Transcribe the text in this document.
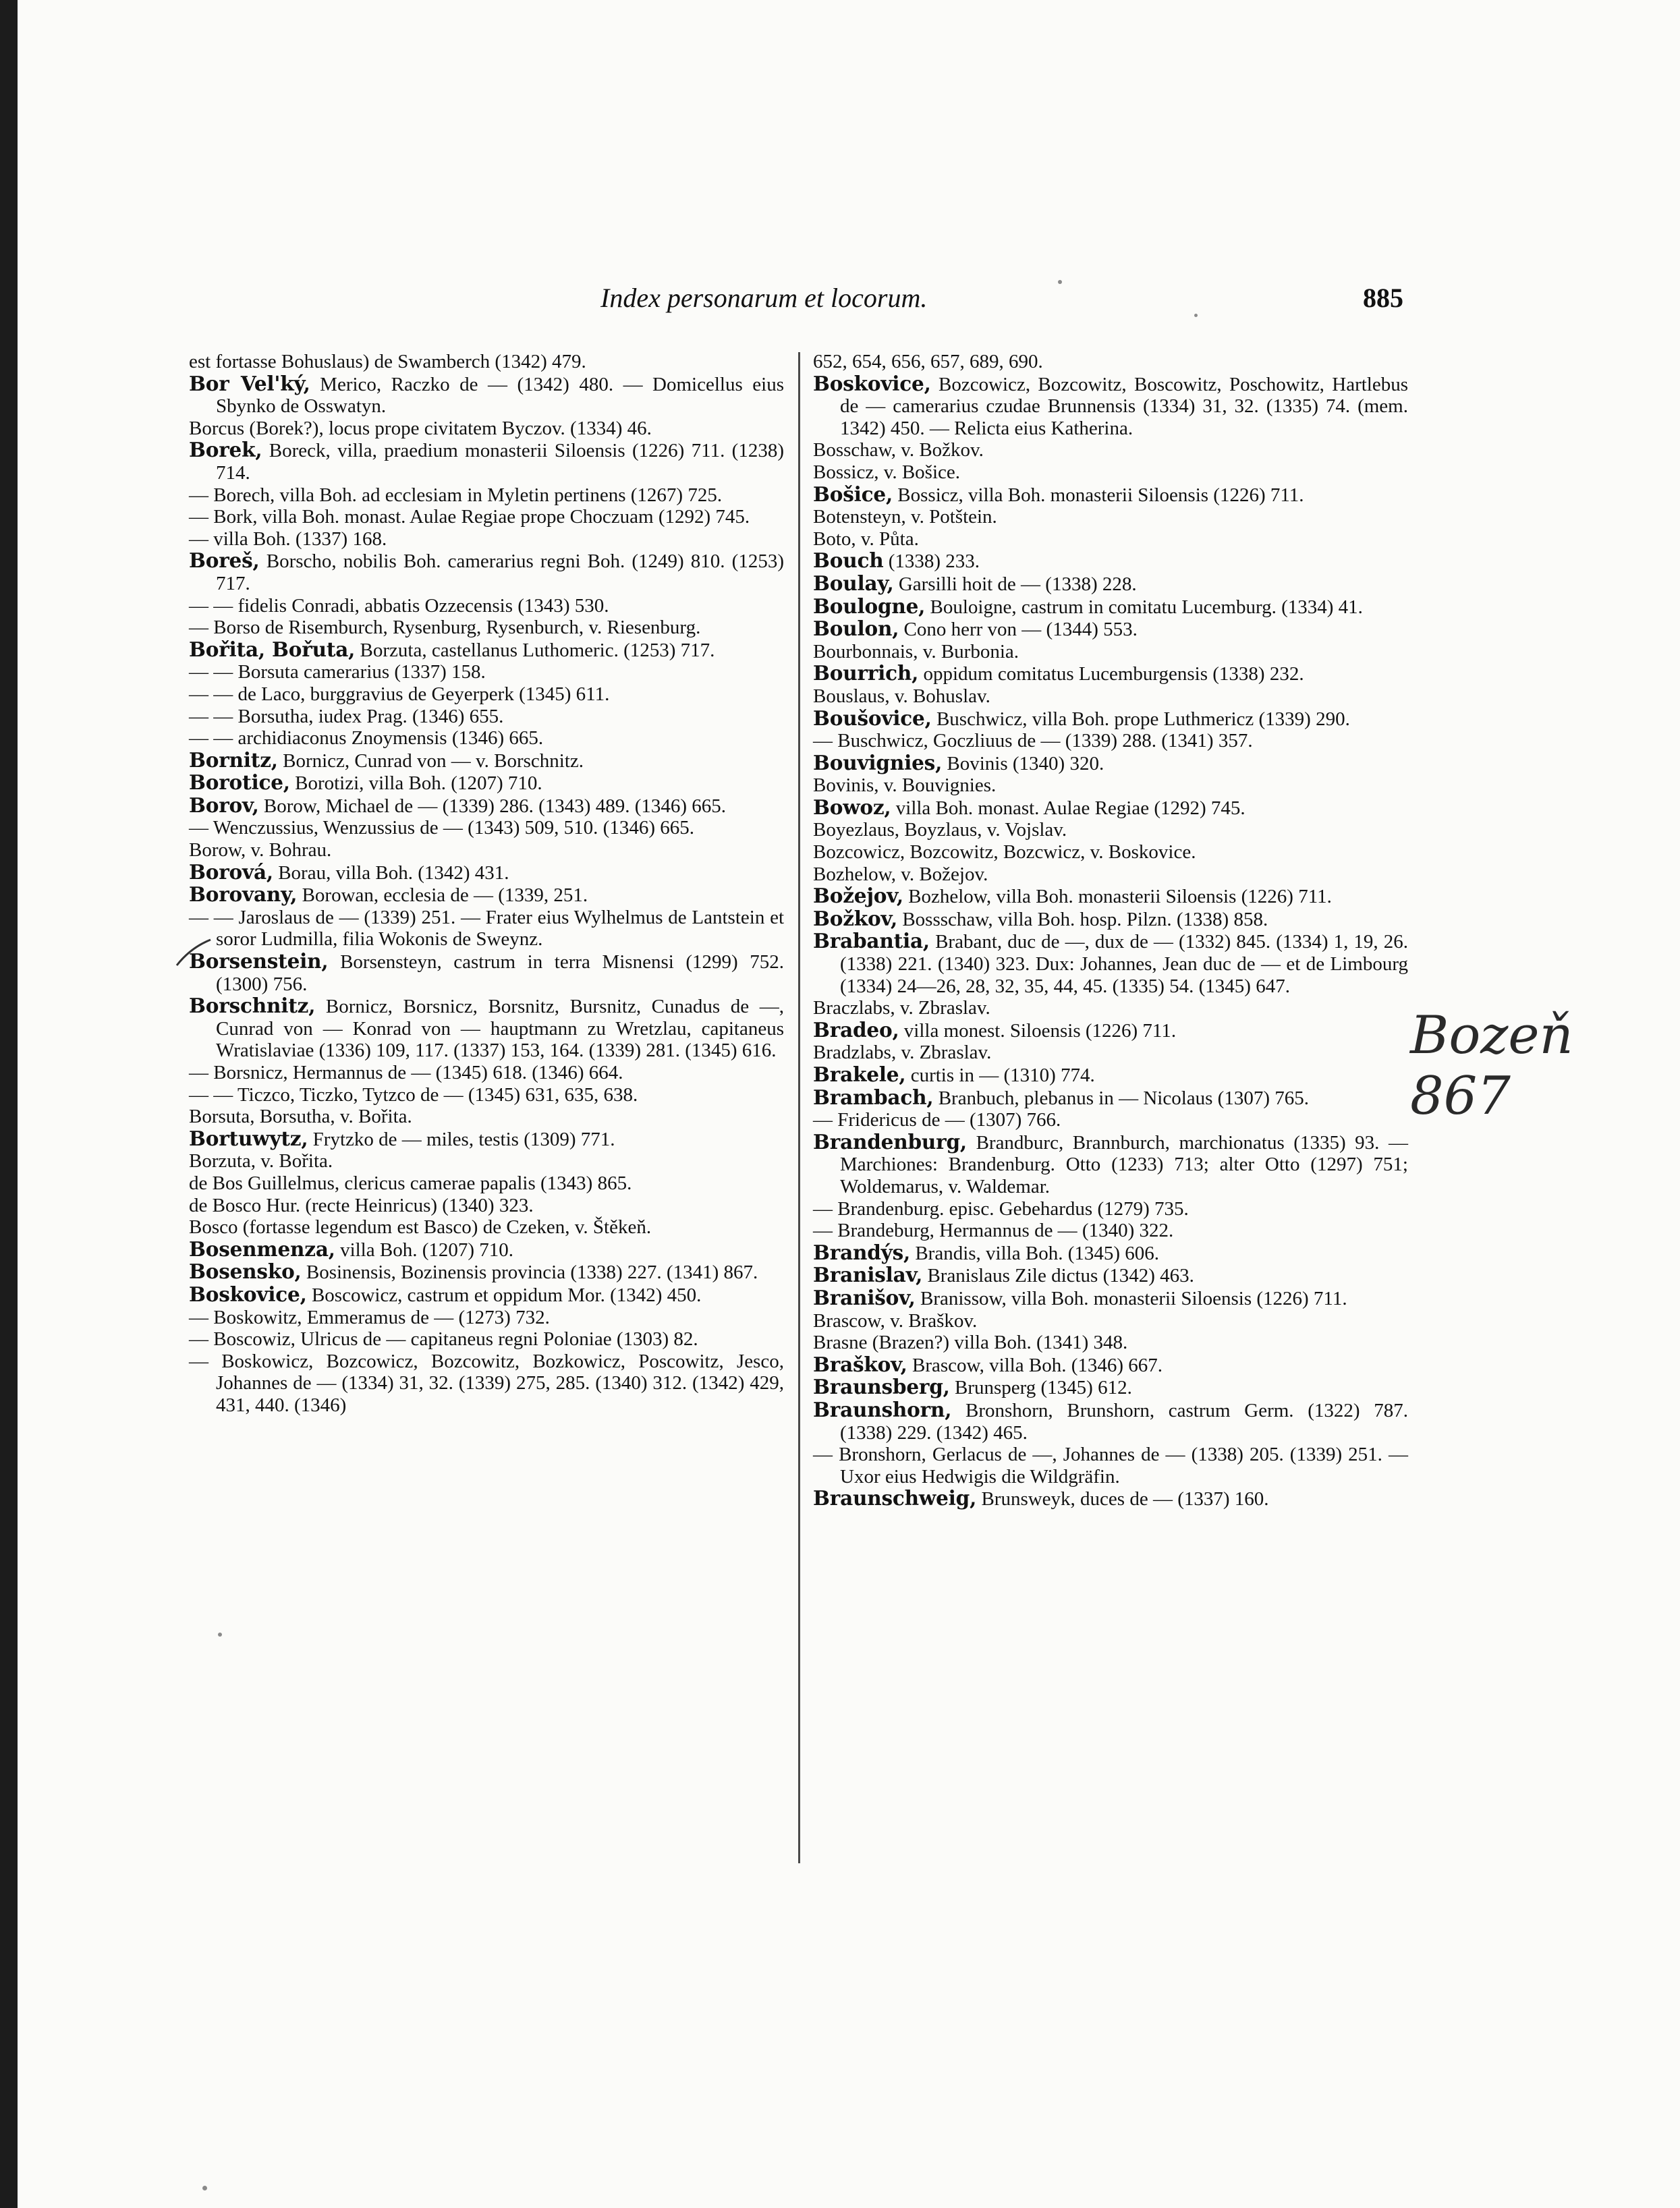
Index personarum et locorum.	885
est fortasse Bohuslaus) de Swamberch (1342) 479.
Bor Vel'ký, Merico, Raczko de — (1342) 480. — Domicellus eius Sbynko de Osswatyn.
Borcus (Borek?), locus prope civitatem Byczov. (1334) 46.
Borek, Boreck, villa, praedium monasterii Siloensis (1226) 711. (1238) 714.
— Borech, villa Boh. ad ecclesiam in Myletin pertinens (1267) 725.
— Bork, villa Boh. monast. Aulae Regiae prope Choczuam (1292) 745.
— villa Boh. (1337) 168.
Boreš, Borscho, nobilis Boh. camerarius regni Boh. (1249) 810. (1253) 717.
— — fidelis Conradi, abbatis Ozzecensis (1343) 530.
— Borso de Risemburch, Rysenburg, Rysenburch, v. Riesenburg.
Bořita, Bořuta, Borzuta, castellanus Luthomeric. (1253) 717.
— — Borsuta camerarius (1337) 158.
— — de Laco, burggravius de Geyerperk (1345) 611.
— — Borsutha, iudex Prag. (1346) 655.
— — archidiaconus Znoymensis (1346) 665.
Bornitz, Bornicz, Cunrad von — v. Borschnitz.
Borotice, Borotizi, villa Boh. (1207) 710.
Borov, Borow, Michael de — (1339) 286. (1343) 489. (1346) 665.
— Wenczussius, Wenzussius de — (1343) 509, 510. (1346) 665.
Borow, v. Bohrau.
Borová, Borau, villa Boh. (1342) 431.
Borovany, Borowan, ecclesia de — (1339, 251.
— — Jaroslaus de — (1339) 251. — Frater eius Wylhelmus de Lantstein et soror Ludmilla, filia Wokonis de Sweynz.
Borsenstein, Borsensteyn, castrum in terra Misnensi (1299) 752. (1300) 756.
Borschnitz, Bornicz, Borsnicz, Borsnitz, Bursnitz, Cunadus de —, Cunrad von — Konrad von — hauptmann zu Wretzlau, capitaneus Wratislaviae (1336) 109, 117. (1337) 153, 164. (1339) 281. (1345) 616.
— Borsnicz, Hermannus de — (1345) 618. (1346) 664.
— — Ticzco, Ticzko, Tytzco de — (1345) 631, 635, 638.
Borsuta, Borsutha, v. Bořita.
Bortuwytz, Frytzko de — miles, testis (1309) 771.
Borzuta, v. Bořita.
de Bos Guillelmus, clericus camerae papalis (1343) 865.
de Bosco Hur. (recte Heinricus) (1340) 323.
Bosco (fortasse legendum est Basco) de Czeken, v. Štěkeň.
Bosenmenza, villa Boh. (1207) 710.
Bosensko, Bosinensis, Bozinensis provincia (1338) 227. (1341) 867.
Boskovice, Boscowicz, castrum et oppidum Mor. (1342) 450.
— Boskowitz, Emmeramus de — (1273) 732.
— Boscowiz, Ulricus de — capitaneus regni Poloniae (1303) 82.
— Boskowicz, Bozcowicz, Bozcowitz, Bozkowicz, Poscowitz, Jesco, Johannes de — (1334) 31, 32. (1339) 275, 285. (1340) 312. (1342) 429, 431, 440. (1346)
652, 654, 656, 657, 689, 690.
Boskovice, Bozcowicz, Bozcowitz, Boscowitz, Poschowitz, Hartlebus de — camerarius czudae Brunnensis (1334) 31, 32. (1335) 74. (mem. 1342) 450. — Relicta eius Katherina.
Bosschaw, v. Božkov.
Bossicz, v. Bošice.
Bošice, Bossicz, villa Boh. monasterii Siloensis (1226) 711.
Botensteyn, v. Potštein.
Boto, v. Půta.
Bouch (1338) 233.
Boulay, Garsilli hoit de — (1338) 228.
Boulogne, Bouloigne, castrum in comitatu Lucemburg. (1334) 41.
Boulon, Cono herr von — (1344) 553.
Bourbonnais, v. Burbonia.
Bourrich, oppidum comitatus Lucemburgensis (1338) 232.
Bouslaus, v. Bohuslav.
Boušovice, Buschwicz, villa Boh. prope Luthmericz (1339) 290.
— Buschwicz, Goczliuus de — (1339) 288. (1341) 357.
Bouvignies, Bovinis (1340) 320.
Bovinis, v. Bouvignies.
Bowoz, villa Boh. monast. Aulae Regiae (1292) 745.
Boyezlaus, Boyzlaus, v. Vojslav.
Bozcowicz, Bozcowitz, Bozcwicz, v. Boskovice.
Bozhelow, v. Božejov.
Božejov, Bozhelow, villa Boh. monasterii Siloensis (1226) 711.
Božkov, Bossschaw, villa Boh. hosp. Pilzn. (1338) 858.
Brabantia, Brabant, duc de —, dux de — (1332) 845. (1334) 1, 19, 26. (1338) 221. (1340) 323. Dux: Johannes, Jean duc de — et de Limbourg (1334) 24—26, 28, 32, 35, 44, 45. (1335) 54. (1345) 647.
Braczlabs, v. Zbraslav.
Bradeo, villa monest. Siloensis (1226) 711.
Bradzlabs, v. Zbraslav.
Brakele, curtis in — (1310) 774.
Brambach, Branbuch, plebanus in — Nicolaus (1307) 765.
— Fridericus de — (1307) 766.
Brandenburg, Brandburc, Brannburch, marchionatus (1335) 93. — Marchiones: Brandenburg. Otto (1233) 713; alter Otto (1297) 751; Woldemarus, v. Waldemar.
— Brandenburg. episc. Gebehardus (1279) 735.
— Brandeburg, Hermannus de — (1340) 322.
Brandýs, Brandis, villa Boh. (1345) 606.
Branislav, Branislaus Zile dictus (1342) 463.
Branišov, Branissow, villa Boh. monasterii Siloensis (1226) 711.
Brascow, v. Braškov.
Brasne (Brazen?) villa Boh. (1341) 348.
Braškov, Brascow, villa Boh. (1346) 667.
Braunsberg, Brunsperg (1345) 612.
Braunshorn, Bronshorn, Brunshorn, castrum Germ. (1322) 787. (1338) 229. (1342) 465.
— Bronshorn, Gerlacus de —, Johannes de — (1338) 205. (1339) 251. — Uxor eius Hedwigis die Wildgräfin.
Braunschweig, Brunsweyk, duces de — (1337) 160.
Bozeň 867
